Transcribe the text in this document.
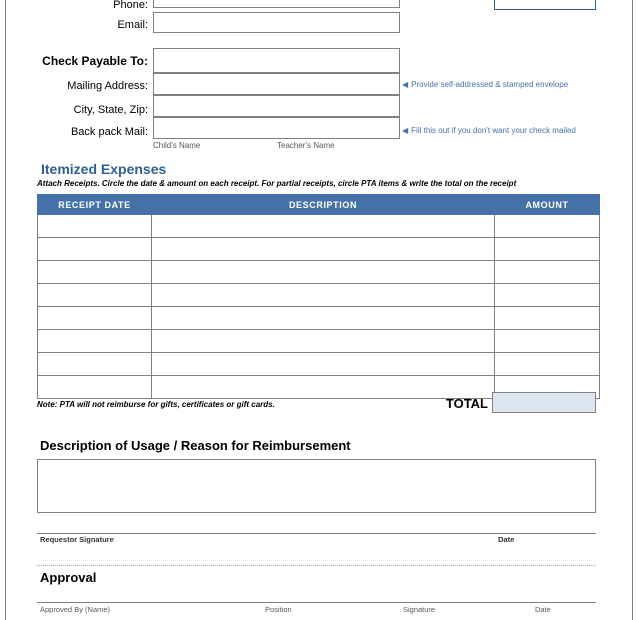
Phone:
Email:
Check Payable To:
Mailing Address:	◀ Provide self-addressed & stamped envelope
City, State, Zip:
Back pack Mail:	◀ Fill this out if you don't want your check mailed
Child's Name	Teacher's Name
Itemized Expenses
Attach Receipts. Circle the date & amount on each receipt. For partial receipts, circle PTA items & write the total on the receipt
RECEIPT DATE	DESCRIPTION	AMOUNT

Note: PTA will not reimburse for gifts, certificates or gift cards.	TOTAL
Description of Usage / Reason for Reimbursement
Requestor Signature	Date
Approval
Approved By (Name)	Position	Signature	Date
